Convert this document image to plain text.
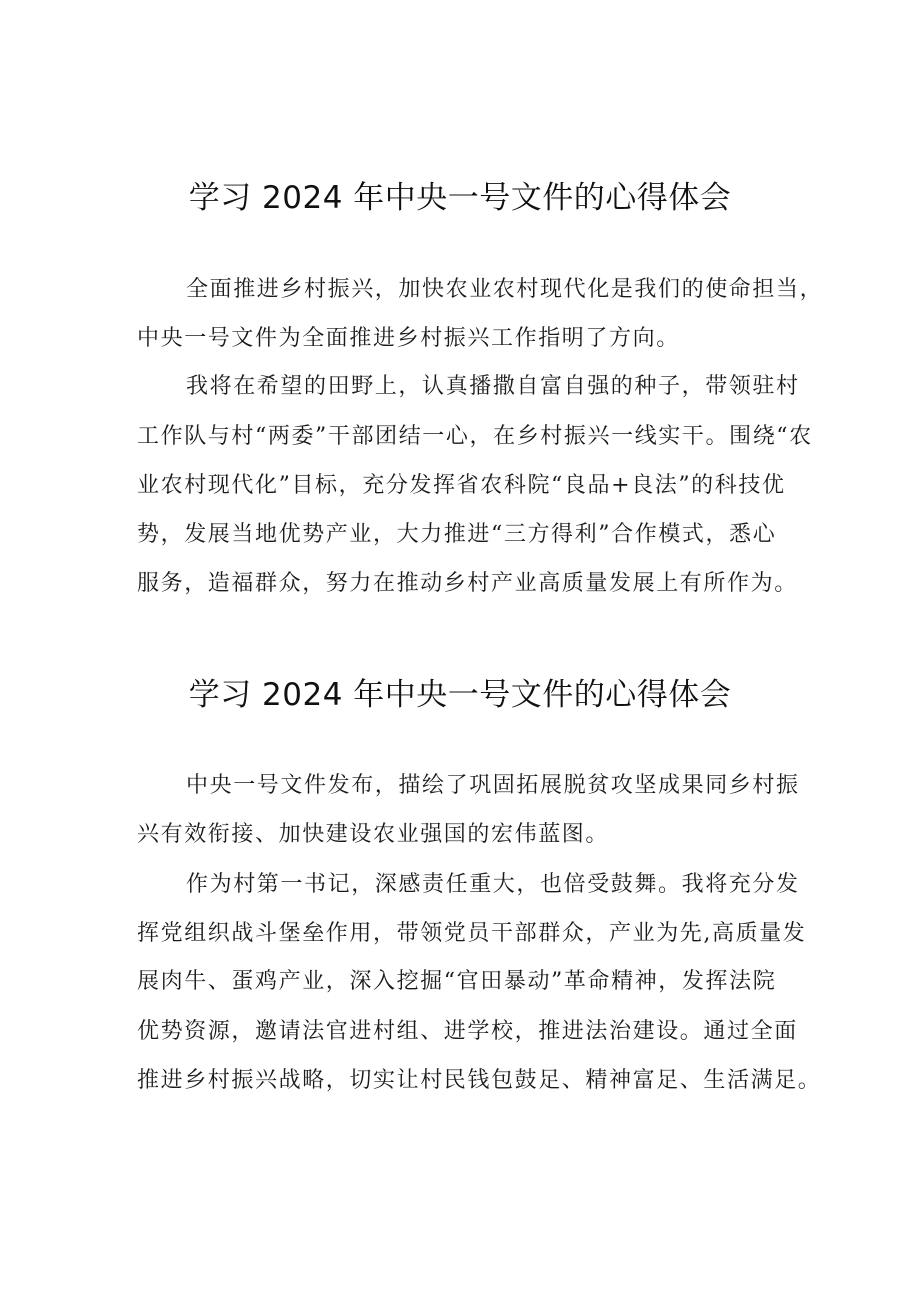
学习 2024 年中央一号文件的心得体会

全面推进乡村振兴，加快农业农村现代化是我们的使命担当，

中央一号文件为全面推进乡村振兴工作指明了方向。

我将在希望的田野上，认真播撒自富自强的种子，带领驻村

工作队与村“两委”干部团结一心，在乡村振兴一线实干。围绕“农

业农村现代化”目标，充分发挥省农科院“良品+良法”的科技优

势，发展当地优势产业，大力推进“三方得利”合作模式，悉心

服务，造福群众，努力在推动乡村产业高质量发展上有所作为。

学习 2024 年中央一号文件的心得体会

中央一号文件发布，描绘了巩固拓展脱贫攻坚成果同乡村振

兴有效衔接、加快建设农业强国的宏伟蓝图。

作为村第一书记，深感责任重大，也倍受鼓舞。我将充分发

挥党组织战斗堡垒作用，带领党员干部群众，产业为先,高质量发

展肉牛、蛋鸡产业，深入挖掘“官田暴动”革命精神，发挥法院

优势资源，邀请法官进村组、进学校，推进法治建设。通过全面

推进乡村振兴战略，切实让村民钱包鼓足、精神富足、生活满足。
